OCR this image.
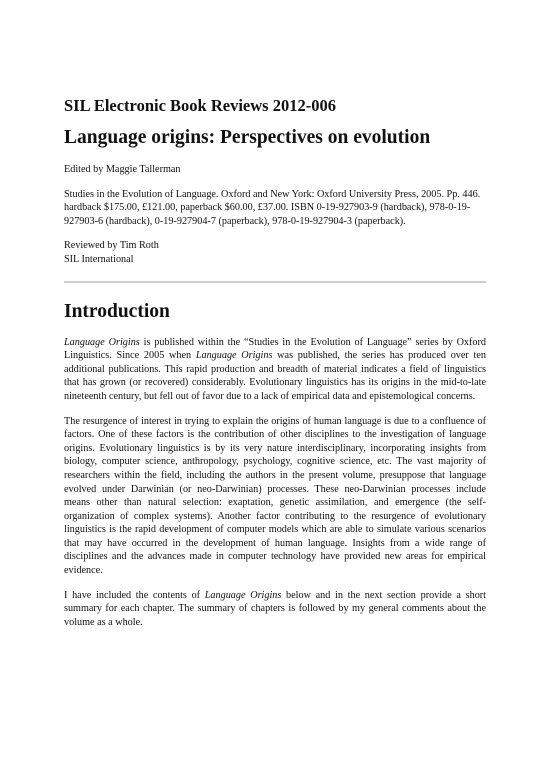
SIL Electronic Book Reviews 2012-006
Language origins: Perspectives on evolution

Edited by Maggie Tallerman

Studies in the Evolution of Language. Oxford and New York: Oxford University Press, 2005. Pp. 446. hardback $175.00, £121.00, paperback $60.00, £37.00. ISBN 0-19-927903-9 (hardback), 978-0-19-927903-6 (hardback), 0-19-927904-7 (paperback), 978-0-19-927904-3 (paperback).

Reviewed by Tim Roth

SIL International

Introduction

Language Origins is published within the “Studies in the Evolution of Language” series by Oxford Linguistics. Since 2005 when Language Origins was published, the series has produced over ten additional publications. This rapid production and breadth of material indicates a field of linguistics that has grown (or recovered) considerably. Evolutionary linguistics has its origins in the mid-to-late nineteenth century, but fell out of favor due to a lack of empirical data and epistemological concerns.

The resurgence of interest in trying to explain the origins of human language is due to a confluence of factors. One of these factors is the contribution of other disciplines to the investigation of language origins. Evolutionary linguistics is by its very nature interdisciplinary, incorporating insights from biology, computer science, anthropology, psychology, cognitive science, etc. The vast majority of researchers within the field, including the authors in the present volume, presuppose that language evolved under Darwinian (or neo-Darwinian) processes. These neo-Darwinian processes include means other than natural selection: exaptation, genetic assimilation, and emergence (the self-organization of complex systems). Another factor contributing to the resurgence of evolutionary linguistics is the rapid development of computer models which are able to simulate various scenarios that may have occurred in the development of human language. Insights from a wide range of disciplines and the advances made in computer technology have provided new areas for empirical evidence.

I have included the contents of Language Origins below and in the next section provide a short summary for each chapter. The summary of chapters is followed by my general comments about the volume as a whole.
